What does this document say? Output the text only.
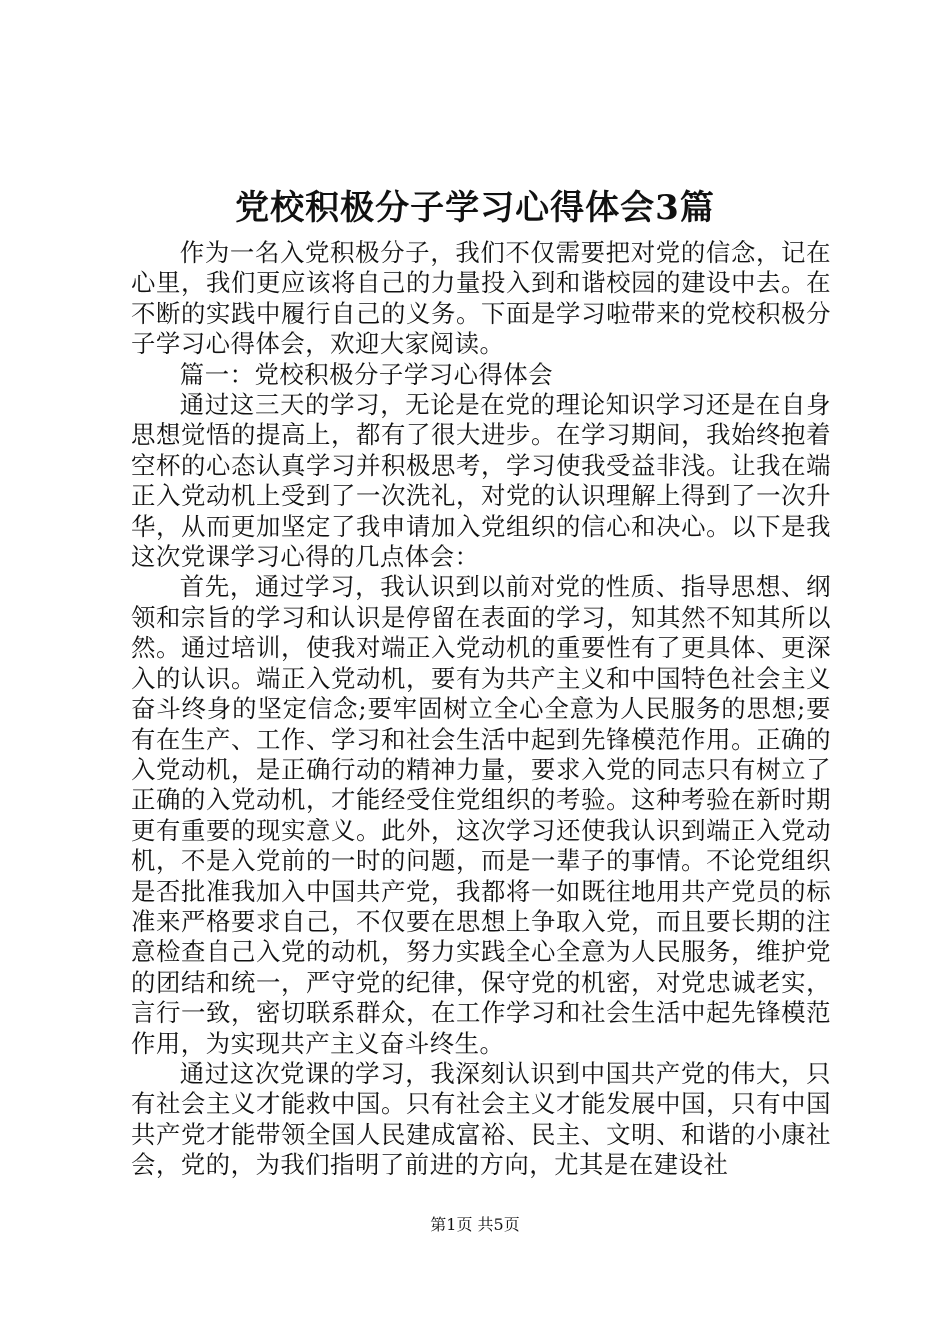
党校积极分子学习心得体会3篇

作为一名入党积极分子，我们不仅需要把对党的信念，记在心里，我们更应该将自己的力量投入到和谐校园的建设中去。在不断的实践中履行自己的义务。下面是学习啦带来的党校积极分子学习心得体会，欢迎大家阅读。

篇一：党校积极分子学习心得体会

通过这三天的学习，无论是在党的理论知识学习还是在自身思想觉悟的提高上，都有了很大进步。在学习期间，我始终抱着空杯的心态认真学习并积极思考，学习使我受益非浅。让我在端正入党动机上受到了一次洗礼，对党的认识理解上得到了一次升华，从而更加坚定了我申请加入党组织的信心和决心。以下是我这次党课学习心得的几点体会：

首先，通过学习，我认识到以前对党的性质、指导思想、纲领和宗旨的学习和认识是停留在表面的学习，知其然不知其所以然。通过培训，使我对端正入党动机的重要性有了更具体、更深入的认识。端正入党动机，要有为共产主义和中国特色社会主义奋斗终身的坚定信念;要牢固树立全心全意为人民服务的思想;要有在生产、工作、学习和社会生活中起到先锋模范作用。正确的入党动机，是正确行动的精神力量，要求入党的同志只有树立了正确的入党动机，才能经受住党组织的考验。这种考验在新时期更有重要的现实意义。此外，这次学习还使我认识到端正入党动机，不是入党前的一时的问题，而是一辈子的事情。不论党组织是否批准我加入中国共产党，我都将一如既往地用共产党员的标准来严格要求自己，不仅要在思想上争取入党，而且要长期的注意检查自己入党的动机，努力实践全心全意为人民服务，维护党的团结和统一，严守党的纪律，保守党的机密，对党忠诚老实，言行一致，密切联系群众，在工作学习和社会生活中起先锋模范作用，为实现共产主义奋斗终生。

通过这次党课的学习，我深刻认识到中国共产党的伟大，只有社会主义才能救中国。只有社会主义才能发展中国，只有中国共产党才能带领全国人民建成富裕、民主、文明、和谐的小康社会，党的，为我们指明了前进的方向，尤其是在建设社

第1页 共5页
